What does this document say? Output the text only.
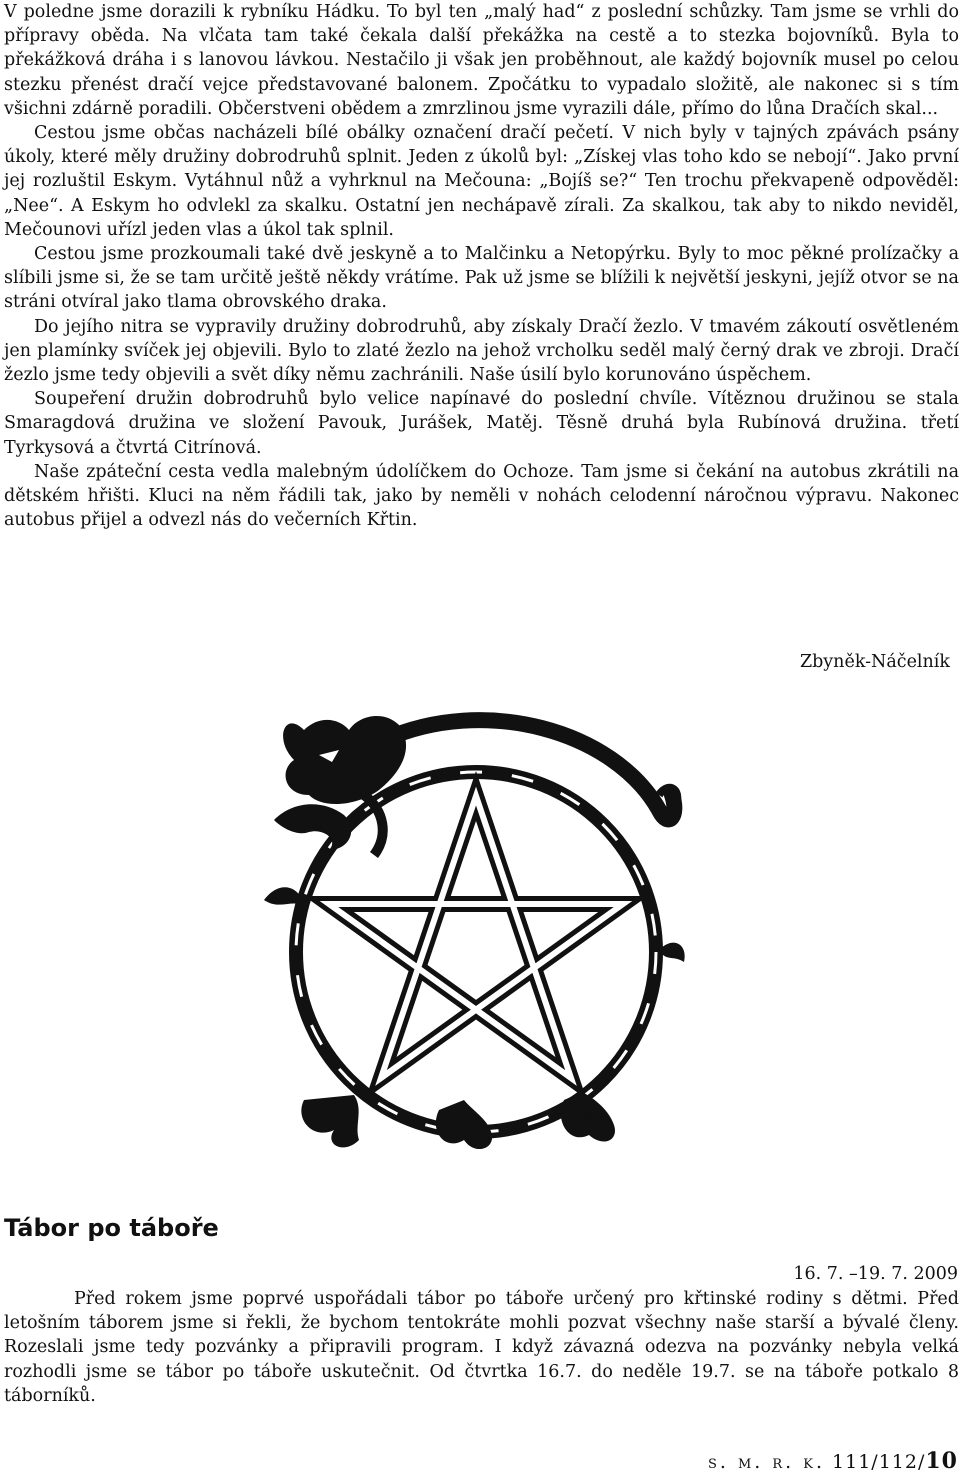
V poledne jsme dorazili k rybníku Hádku. To byl ten „malý had“ z poslední schůzky. Tam jsme se vrhli do přípravy oběda. Na vlčata tam také čekala další překážka na cestě a to stezka bojovníků. Byla to překážková dráha i s lanovou lávkou. Nestačilo ji však jen proběhnout, ale každý bojovník musel po celou stezku přenést dračí vejce představované balonem. Zpočátku to vypadalo složitě, ale nakonec si s tím všichni zdárně poradili. Občerstveni obědem a zmrzlinou jsme vyrazili dále, přímo do lůna Dračích skal...

Cestou jsme občas nacházeli bílé obálky označení dračí pečetí. V nich byly v tajných zpávách psány úkoly, které měly družiny dobrodruhů splnit. Jeden z úkolů byl: „Získej vlas toho kdo se nebojí“. Jako první jej rozluštil Eskym. Vytáhnul nůž a vyhrknul na Mečouna: „Bojíš se?“ Ten trochu překvapeně odpověděl: „Nee“. A Eskym ho odvlekl za skalku. Ostatní jen nechápavě zírali. Za skalkou, tak aby to nikdo neviděl, Mečounovi uřízl jeden vlas a úkol tak splnil.

Cestou jsme prozkoumali také dvě jeskyně a to Malčinku a Netopýrku. Byly to moc pěkné prolízačky a slíbili jsme si, že se tam určitě ještě někdy vrátíme. Pak už jsme se blížili k největší jeskyni, jejíž otvor se na stráni otvíral jako tlama obrovského draka.

Do jejího nitra se vypravily družiny dobrodruhů, aby získaly Dračí žezlo. V tmavém zákoutí osvětleném jen plamínky svíček jej objevili. Bylo to zlaté žezlo na jehož vrcholku seděl malý černý drak ve zbroji. Dračí žezlo jsme tedy objevili a svět díky němu zachránili. Naše úsilí bylo korunováno úspěchem.

Soupeření družin dobrodruhů bylo velice napínavé do poslední chvíle. Vítěznou družinou se stala Smaragdová družina ve složení Pavouk, Jurášek, Matěj. Těsně druhá byla Rubínová družina. třetí Tyrkysová a čtvrtá Citrínová.

Naše zpáteční cesta vedla malebným údolíčkem do Ochoze. Tam jsme si čekání na autobus zkrátili na dětském hřišti. Kluci na něm řádili tak, jako by neměli v nohách celodenní náročnou výpravu. Nakonec autobus přijel a odvezl nás do večerních Křtin.

Zbyněk-Náčelník
AKG
Tábor po táboře
16. 7. –19. 7. 2009

Před rokem jsme poprvé uspořádali tábor po táboře určený pro křtinské rodiny s dětmi. Před letošním táborem jsme si řekli, že bychom tentokráte mohli pozvat všechny naše starší a bývalé členy. Rozeslali jsme tedy pozvánky a připravili program. I když závazná odezva na pozvánky nebyla velká rozhodli jsme se tábor po táboře uskutečnit. Od čtvrtka 16.7. do neděle 19.7. se na táboře potkalo 8 táborníků.

s. m. r. k. 111/112/10
